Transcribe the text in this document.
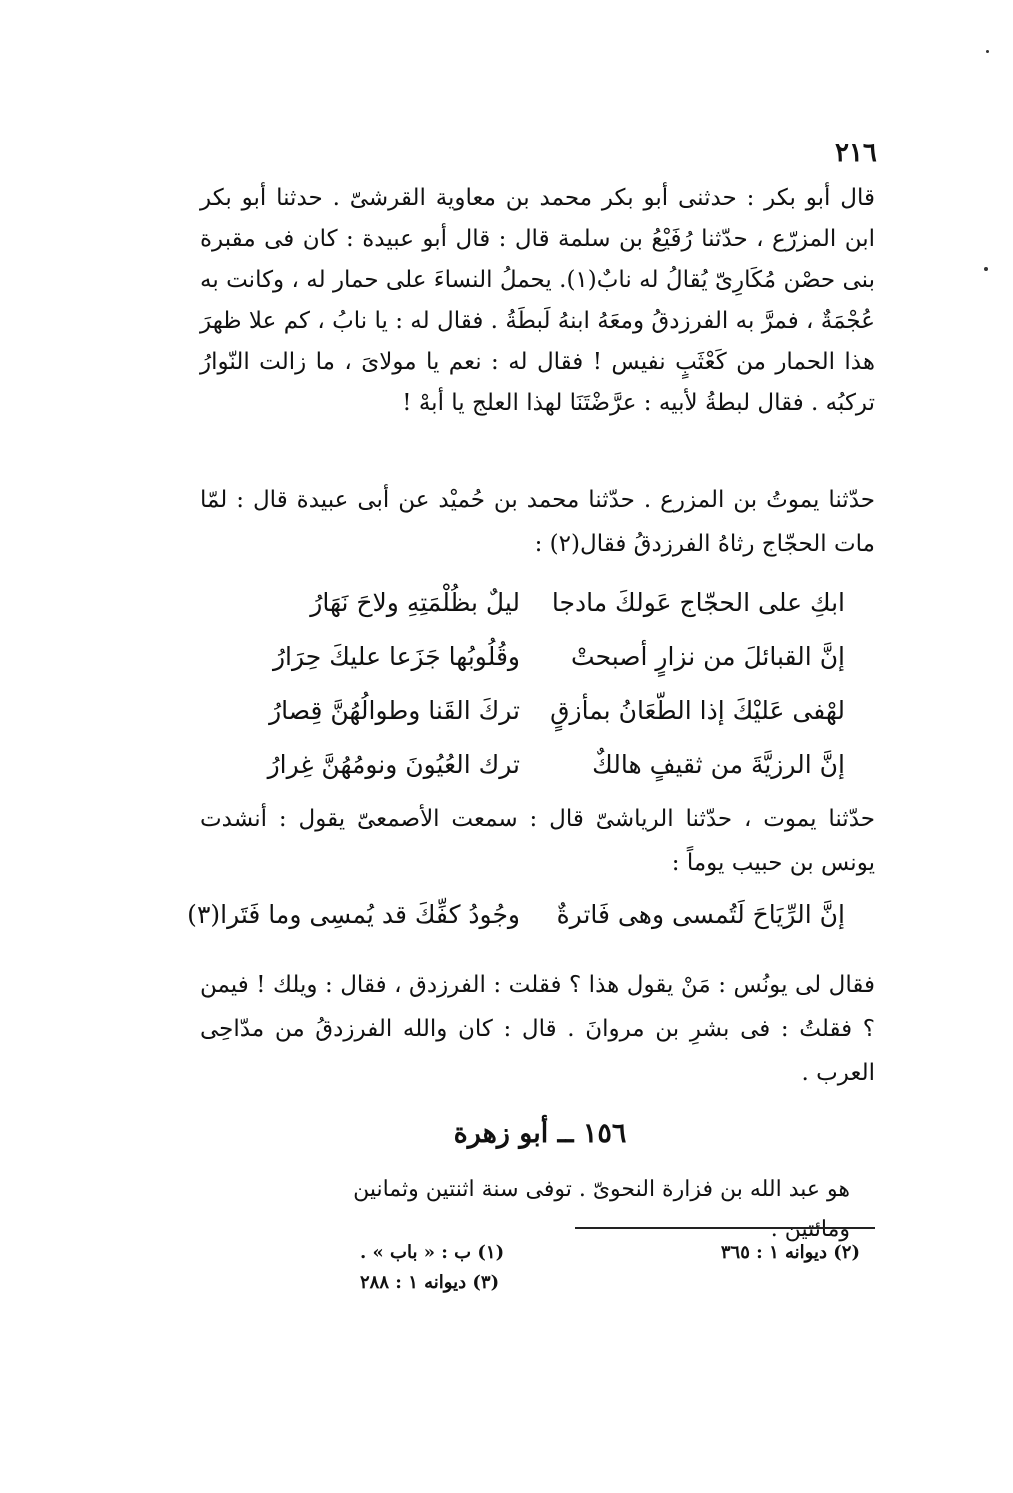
٢١٦
قال أبو بكر : حدثنى أبو بكر محمد بن معاوية القرشىّ . حدثنا أبو بكر ابن المزرّع ، حدّثنا رُفَيْعُ بن سلمة قال : قال أبو عبيدة : كان فى مقبرة بنى حصْن مُكَارِىّ يُقالُ له نابٌ(١). يحملُ النساءَ على حمار له ، وكانت به عُجْمَةٌ ، فمرَّ به الفرزدقُ ومعَهُ ابنهُ لَبطَةُ . فقال له : يا نابُ ، كم علا ظهرَ هذا الحمار من كَعْثَبٍ نفيس ! فقال له : نعم يا مولاىَ ، ما زالت النّوارُ تركبُه . فقال لبطةُ لأبيه : عرَّضْتَنَا لهذا العلج يا أبهْ !
حدّثنا يموتُ بن المزرع . حدّثنا محمد بن حُميْد عن أبى عبيدة قال : لمّا مات الحجّاج رثاهُ الفرزدقُ فقال(٢) :
ابكِ على الحجّاج عَولكَ مادجا
ليلٌ بظُلْمَتِهِ ولاحَ نَهَارُ
إنَّ القبائلَ من نزارٍ أصبحتْ
وقُلُوبُها جَزَعا عليكَ حِرَارُ
لهْفى عَليْكَ إذا الطّعَانُ بمأزقٍ
تركَ القَنا وطوالُهُنَّ قِصارُ
إنَّ الرزيَّةَ من ثقيفٍ هالكٌ
ترك العُيُونَ ونومُهُنَّ غِرارُ
حدّثنا يموت ، حدّثنا الرياشىّ قال : سمعت الأصمعىّ يقول : أنشدت يونس بن حبيب يوماً :
إنَّ الرِّيَاحَ لَتُمسى وهى فَاترةٌ
وجُودُ كفِّكَ قد يُمسِى وما فَتَرا(٣)
فقال لى يونُس : مَنْ يقول هذا ؟ فقلت : الفرزدق ، فقال : ويلك ! فيمن ؟ فقلتُ : فى بشرِ بن مروانَ . قال : كان والله الفرزدقُ من مدّاحِى العرب .
١٥٦ ــ أبو زهرة
هو عبد الله بن فزارة النحوىّ . توفى سنة اثنتين وثمانين ومائتين .
(١) ب : « باب » .	(٢) ديوانه ١ : ٣٦٥
(٣) ديوانه ١ : ٢٨٨
